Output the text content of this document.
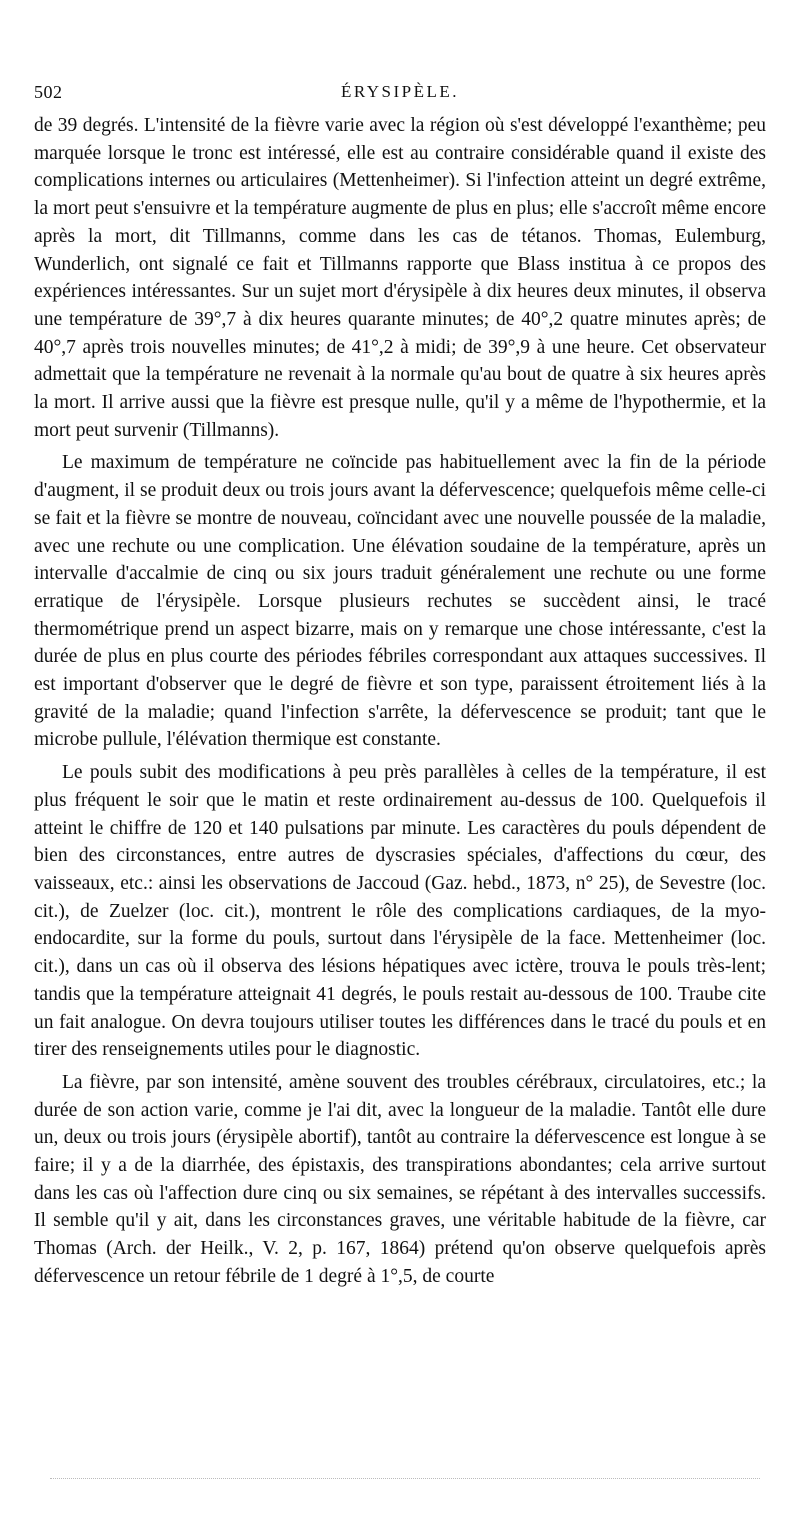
502	ÉRYSIPÈLE.

de 39 degrés. L'intensité de la fièvre varie avec la région où s'est développé l'exanthème; peu marquée lorsque le tronc est intéressé, elle est au contraire considérable quand il existe des complications internes ou articulaires (Mettenheimer). Si l'infection atteint un degré extrême, la mort peut s'ensuivre et la température augmente de plus en plus; elle s'accroît même encore après la mort, dit Tillmanns, comme dans les cas de tétanos. Thomas, Eulemburg, Wunderlich, ont signalé ce fait et Tillmanns rapporte que Blass institua à ce propos des expériences intéressantes. Sur un sujet mort d'érysipèle à dix heures deux minutes, il observa une température de 39°,7 à dix heures quarante minutes; de 40°,2 quatre minutes après; de 40°,7 après trois nouvelles minutes; de 41°,2 à midi; de 39°,9 à une heure. Cet observateur admettait que la température ne revenait à la normale qu'au bout de quatre à six heures après la mort. Il arrive aussi que la fièvre est presque nulle, qu'il y a même de l'hypothermie, et la mort peut survenir (Tillmanns).

Le maximum de température ne coïncide pas habituellement avec la fin de la période d'augment, il se produit deux ou trois jours avant la défervescence; quelquefois même celle-ci se fait et la fièvre se montre de nouveau, coïncidant avec une nouvelle poussée de la maladie, avec une rechute ou une complication. Une élévation soudaine de la température, après un intervalle d'accalmie de cinq ou six jours traduit généralement une rechute ou une forme erratique de l'érysipèle. Lorsque plusieurs rechutes se succèdent ainsi, le tracé thermométrique prend un aspect bizarre, mais on y remarque une chose intéressante, c'est la durée de plus en plus courte des périodes fébriles correspondant aux attaques successives. Il est important d'observer que le degré de fièvre et son type, paraissent étroitement liés à la gravité de la maladie; quand l'infection s'arrête, la défervescence se produit; tant que le microbe pullule, l'élévation thermique est constante.

Le pouls subit des modifications à peu près parallèles à celles de la température, il est plus fréquent le soir que le matin et reste ordinairement au-dessus de 100. Quelquefois il atteint le chiffre de 120 et 140 pulsations par minute. Les caractères du pouls dépendent de bien des circonstances, entre autres de dyscrasies spéciales, d'affections du cœur, des vaisseaux, etc.: ainsi les observations de Jaccoud (Gaz. hebd., 1873, n° 25), de Sevestre (loc. cit.), de Zuelzer (loc. cit.), montrent le rôle des complications cardiaques, de la myo-endocardite, sur la forme du pouls, surtout dans l'érysipèle de la face. Mettenheimer (loc. cit.), dans un cas où il observa des lésions hépatiques avec ictère, trouva le pouls très-lent; tandis que la température atteignait 41 degrés, le pouls restait au-dessous de 100. Traube cite un fait analogue. On devra toujours utiliser toutes les différences dans le tracé du pouls et en tirer des renseignements utiles pour le diagnostic.

La fièvre, par son intensité, amène souvent des troubles cérébraux, circulatoires, etc.; la durée de son action varie, comme je l'ai dit, avec la longueur de la maladie. Tantôt elle dure un, deux ou trois jours (érysipèle abortif), tantôt au contraire la défervescence est longue à se faire; il y a de la diarrhée, des épistaxis, des transpirations abondantes; cela arrive surtout dans les cas où l'affection dure cinq ou six semaines, se répétant à des intervalles successifs. Il semble qu'il y ait, dans les circonstances graves, une véritable habitude de la fièvre, car Thomas (Arch. der Heilk., V. 2, p. 167, 1864) prétend qu'on observe quelquefois après défervescence un retour fébrile de 1 degré à 1°,5, de courte
